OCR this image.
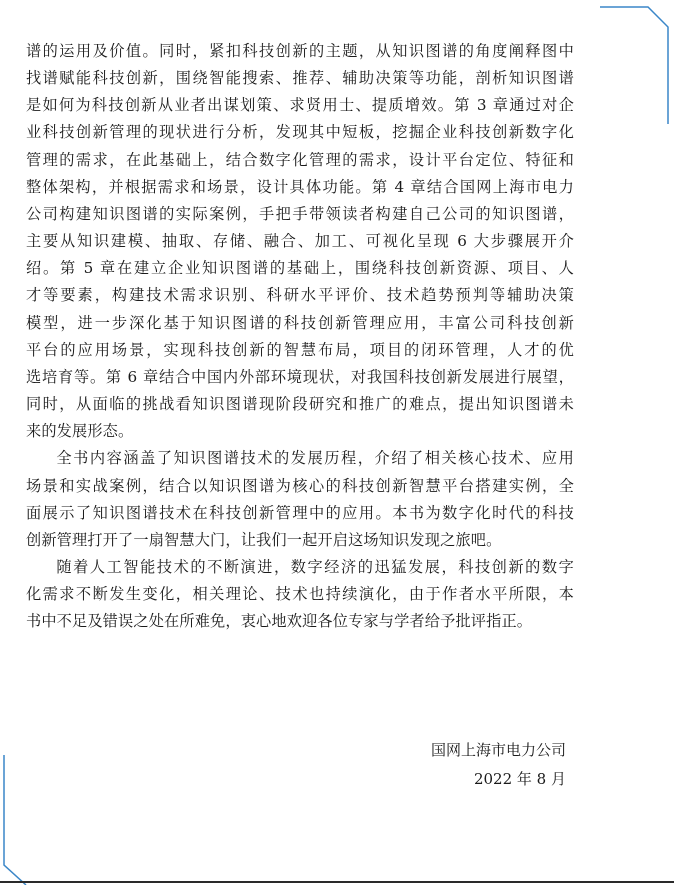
谱的运用及价值。同时，紧扣科技创新的主题，从知识图谱的角度阐释图中
找谱赋能科技创新，围绕智能搜索、推荐、辅助决策等功能，剖析知识图谱
是如何为科技创新从业者出谋划策、求贤用士、提质增效。第 3 章通过对企
业科技创新管理的现状进行分析，发现其中短板，挖掘企业科技创新数字化
管理的需求，在此基础上，结合数字化管理的需求，设计平台定位、特征和
整体架构，并根据需求和场景，设计具体功能。第 4 章结合国网上海市电力
公司构建知识图谱的实际案例，手把手带领读者构建自己公司的知识图谱，
主要从知识建模、抽取、存储、融合、加工、可视化呈现 6 大步骤展开介
绍。第 5 章在建立企业知识图谱的基础上，围绕科技创新资源、项目、人
才等要素，构建技术需求识别、科研水平评价、技术趋势预判等辅助决策
模型，进一步深化基于知识图谱的科技创新管理应用，丰富公司科技创新
平台的应用场景，实现科技创新的智慧布局，项目的闭环管理，人才的优
选培育等。第 6 章结合中国内外部环境现状，对我国科技创新发展进行展望，
同时，从面临的挑战看知识图谱现阶段研究和推广的难点，提出知识图谱未
来的发展形态。

全书内容涵盖了知识图谱技术的发展历程，介绍了相关核心技术、应用
场景和实战案例，结合以知识图谱为核心的科技创新智慧平台搭建实例，全
面展示了知识图谱技术在科技创新管理中的应用。本书为数字化时代的科技
创新管理打开了一扇智慧大门，让我们一起开启这场知识发现之旅吧。

随着人工智能技术的不断演进，数字经济的迅猛发展，科技创新的数字
化需求不断发生变化，相关理论、技术也持续演化，由于作者水平所限，本
书中不足及错误之处在所难免，衷心地欢迎各位专家与学者给予批评指正。

国网上海市电力公司
2022 年 8 月
